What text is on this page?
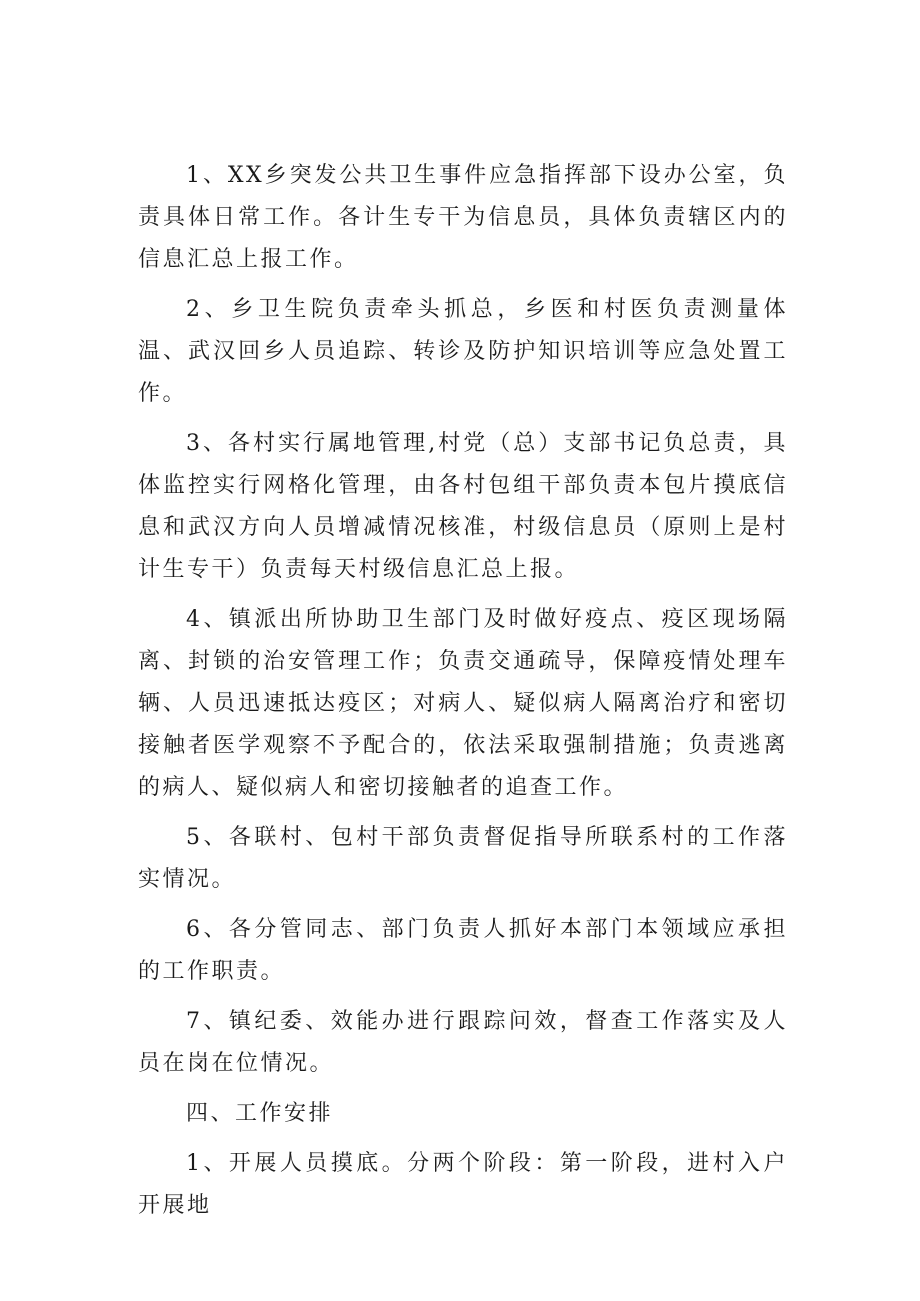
1、XX乡突发公共卫生事件应急指挥部下设办公室，负责具体日常工作。各计生专干为信息员，具体负责辖区内的信息汇总上报工作。

2、乡卫生院负责牵头抓总，乡医和村医负责测量体温、武汉回乡人员追踪、转诊及防护知识培训等应急处置工作。

3、各村实行属地管理,村党（总）支部书记负总责，具体监控实行网格化管理，由各村包组干部负责本包片摸底信息和武汉方向人员增减情况核准，村级信息员（原则上是村计生专干）负责每天村级信息汇总上报。

4、镇派出所协助卫生部门及时做好疫点、疫区现场隔离、封锁的治安管理工作；负责交通疏导，保障疫情处理车辆、人员迅速抵达疫区；对病人、疑似病人隔离治疗和密切接触者医学观察不予配合的，依法采取强制措施；负责逃离的病人、疑似病人和密切接触者的追查工作。

5、各联村、包村干部负责督促指导所联系村的工作落实情况。

6、各分管同志、部门负责人抓好本部门本领域应承担的工作职责。

7、镇纪委、效能办进行跟踪问效，督查工作落实及人员在岗在位情况。

四、工作安排

1、开展人员摸底。分两个阶段：第一阶段，进村入户开展地
